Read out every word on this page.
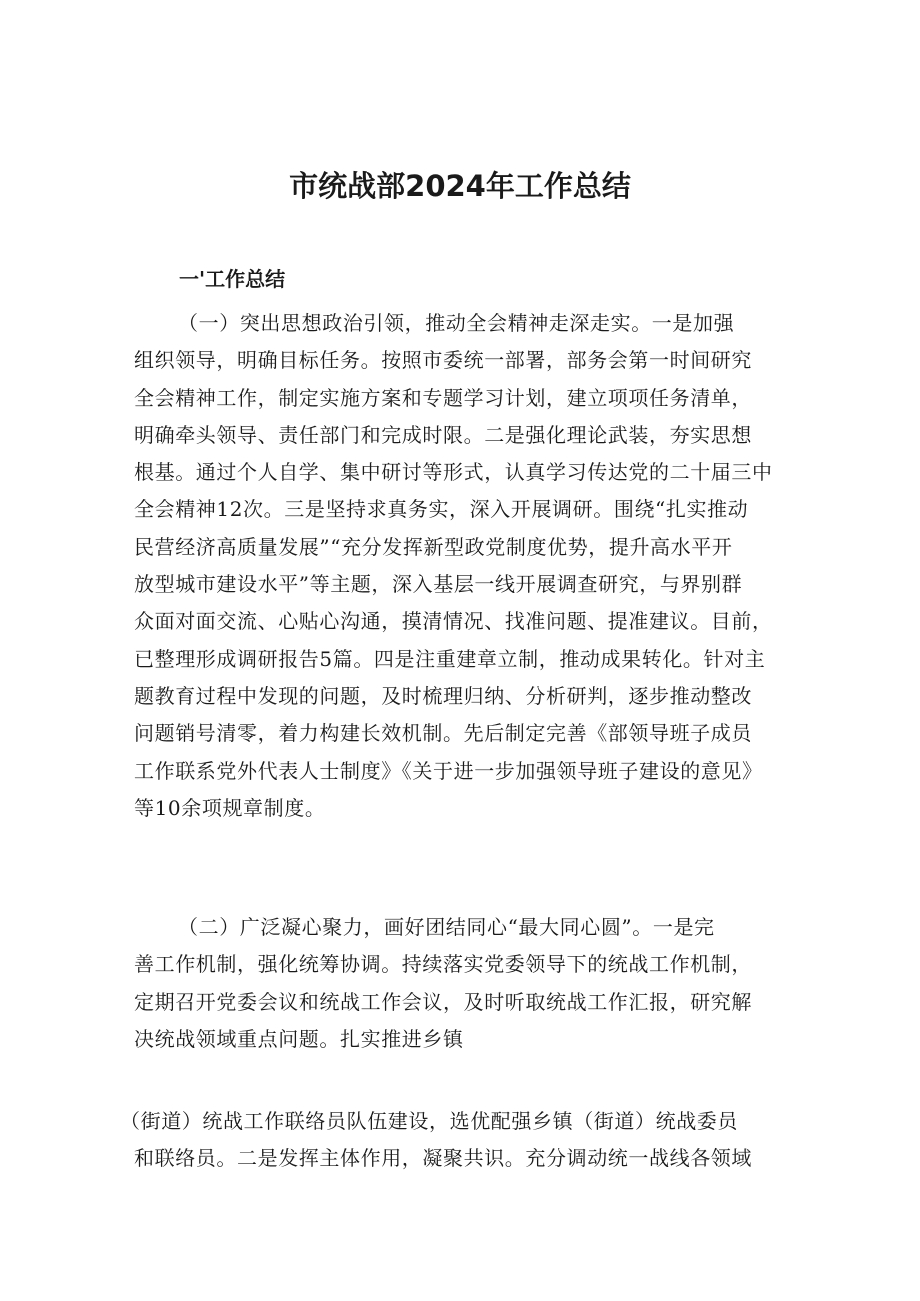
市统战部2024年工作总结
一'工作总结
（一）突出思想政治引领，推动全会精神走深走实。一是加强
组织领导，明确目标任务。按照市委统一部署，部务会第一时间研究
全会精神工作，制定实施方案和专题学习计划，建立项项任务清单，
明确牵头领导、责任部门和完成时限。二是强化理论武装，夯实思想
根基。通过个人自学、集中研讨等形式，认真学习传达党的二十届三中
全会精神12次。三是坚持求真务实，深入开展调研。围绕“扎实推动
民营经济高质量发展”“充分发挥新型政党制度优势，提升高水平开
放型城市建设水平”等主题，深入基层一线开展调查研究，与界别群
众面对面交流、心贴心沟通，摸清情况、找准问题、提准建议。目前，
已整理形成调研报告5篇。四是注重建章立制，推动成果转化。针对主
题教育过程中发现的问题，及时梳理归纳、分析研判，逐步推动整改
问题销号清零，着力构建长效机制。先后制定完善《部领导班子成员
工作联系党外代表人士制度》《关于进一步加强领导班子建设的意见》
等10余项规章制度。
（二）广泛凝心聚力，画好团结同心“最大同心圆”。一是完
善工作机制，强化统筹协调。持续落实党委领导下的统战工作机制，
定期召开党委会议和统战工作会议，及时听取统战工作汇报，研究解
决统战领域重点问题。扎实推进乡镇
（街道）统战工作联络员队伍建设，选优配强乡镇（街道）统战委员
和联络员。二是发挥主体作用，凝聚共识。充分调动统一战线各领域
